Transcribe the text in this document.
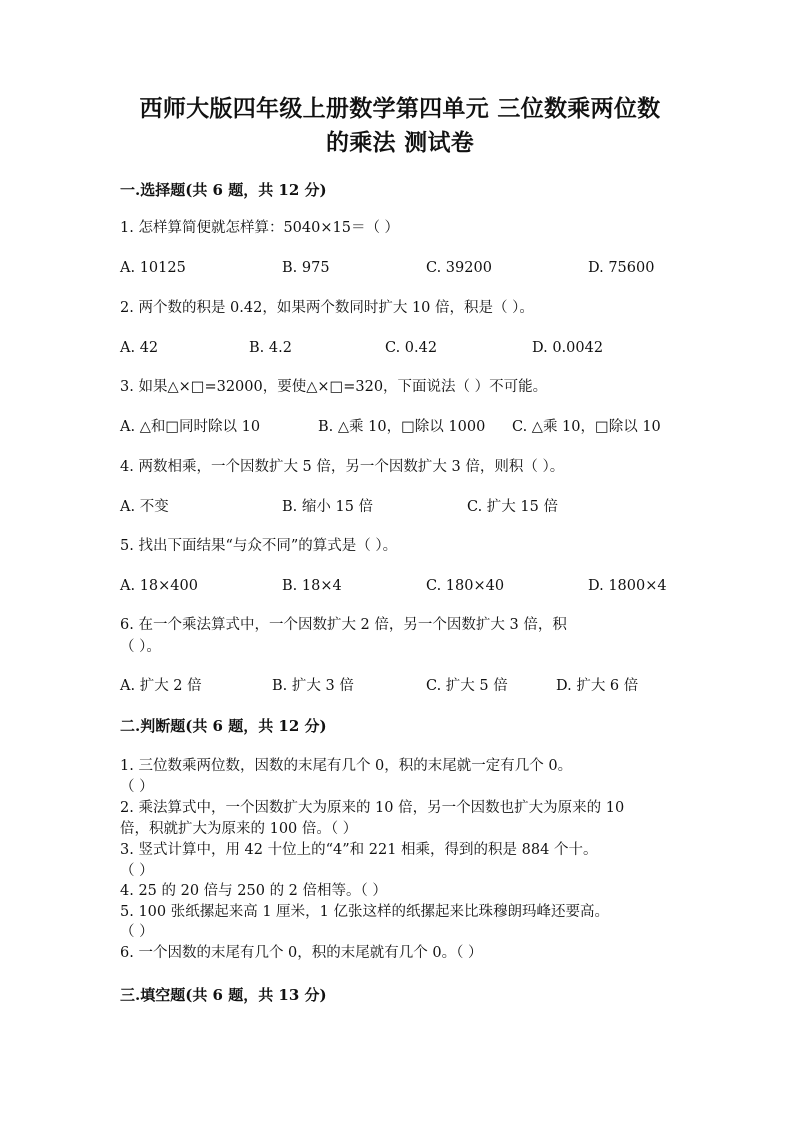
西师大版四年级上册数学第四单元 三位数乘两位数
的乘法 测试卷
一.选择题(共 6 题，共 12 分)
1. 怎样算简便就怎样算：5040×15＝（ ）
A. 10125	B. 975	C. 39200	D. 75600
2. 两个数的积是 0.42，如果两个数同时扩大 10 倍，积是（ ）。
A. 42	B. 4.2	C. 0.42	D. 0.0042
3. 如果△×□=32000，要使△×□=320，下面说法（ ）不可能。
A. △和□同时除以 10	B. △乘 10，□除以 1000 C. △乘 10，□除以 10
4. 两数相乘，一个因数扩大 5 倍，另一个因数扩大 3 倍，则积（ ）。
A. 不变	B. 缩小 15 倍	C. 扩大 15 倍
5. 找出下面结果“与众不同”的算式是（ ）。
A. 18×400	B. 18×4	C. 180×40	D. 1800×4
6. 在一个乘法算式中，一个因数扩大 2 倍，另一个因数扩大 3 倍，积
（ ）。
A. 扩大 2 倍	B. 扩大 3 倍	C. 扩大 5 倍	D. 扩大 6 倍
二.判断题(共 6 题，共 12 分)
1. 三位数乘两位数，因数的末尾有几个 0，积的末尾就一定有几个 0。
（ ）
2. 乘法算式中，一个因数扩大为原来的 10 倍，另一个因数也扩大为原来的 10
倍，积就扩大为原来的 100 倍。（ ）
3. 竖式计算中，用 42 十位上的“4”和 221 相乘，得到的积是 884 个十。
（ ）
4. 25 的 20 倍与 250 的 2 倍相等。（ ）
5. 100 张纸摞起来高 1 厘米，1 亿张这样的纸摞起来比珠穆朗玛峰还要高。
（ ）
6. 一个因数的末尾有几个 0，积的末尾就有几个 0。（ ）
三.填空题(共 6 题，共 13 分)
